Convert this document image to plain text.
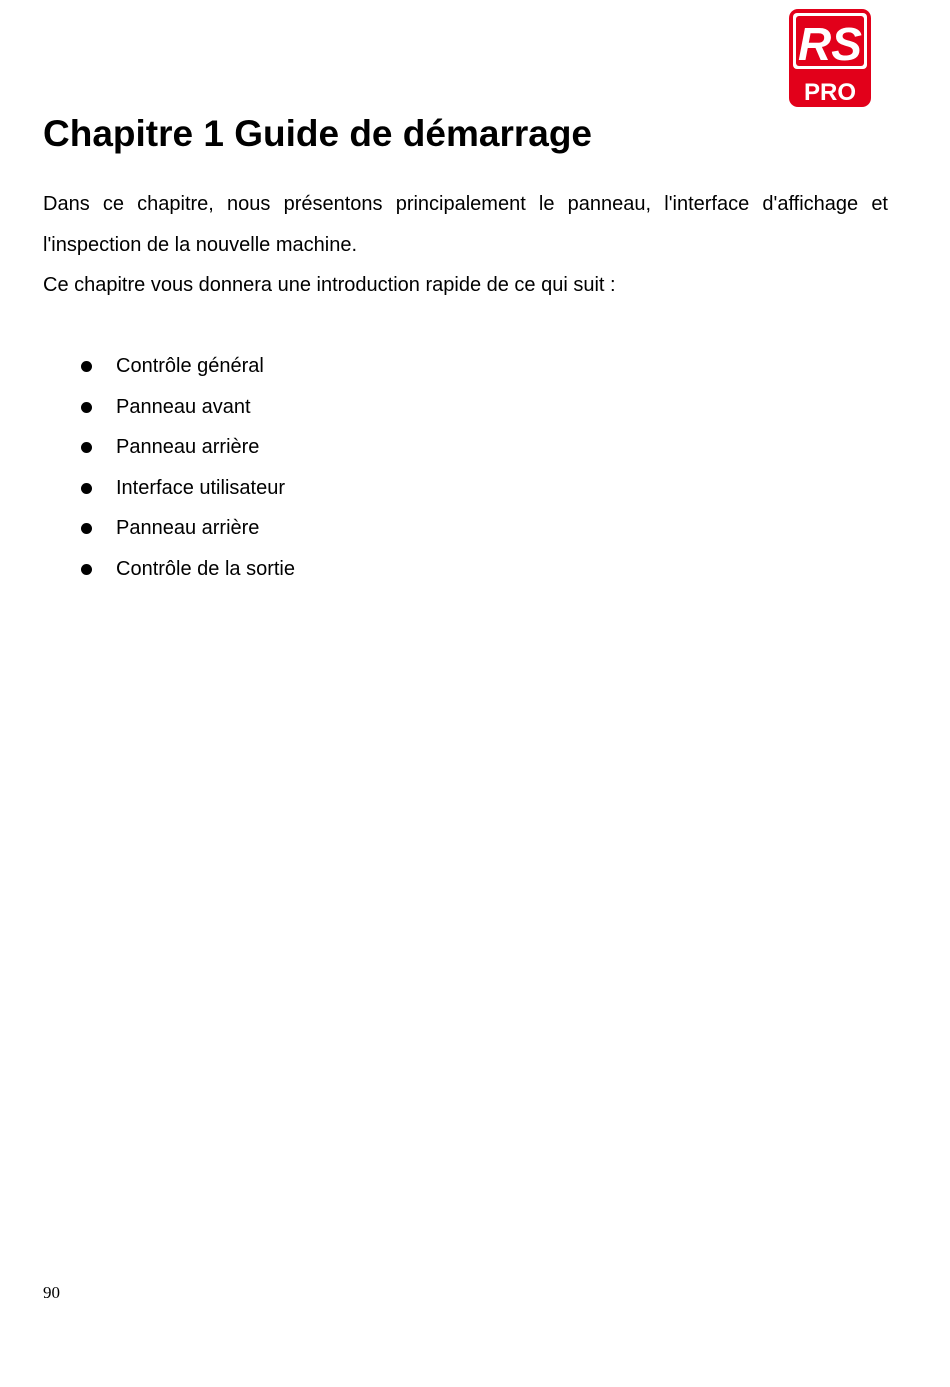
RS
PRO
Chapitre 1 Guide de démarrage

Dans ce chapitre, nous présentons principalement le panneau, l'interface d'affichage et l'inspection de la nouvelle machine.

Ce chapitre vous donnera une introduction rapide de ce qui suit :

Contrôle général
Panneau avant
Panneau arrière
Interface utilisateur
Panneau arrière
Contrôle de la sortie
90
